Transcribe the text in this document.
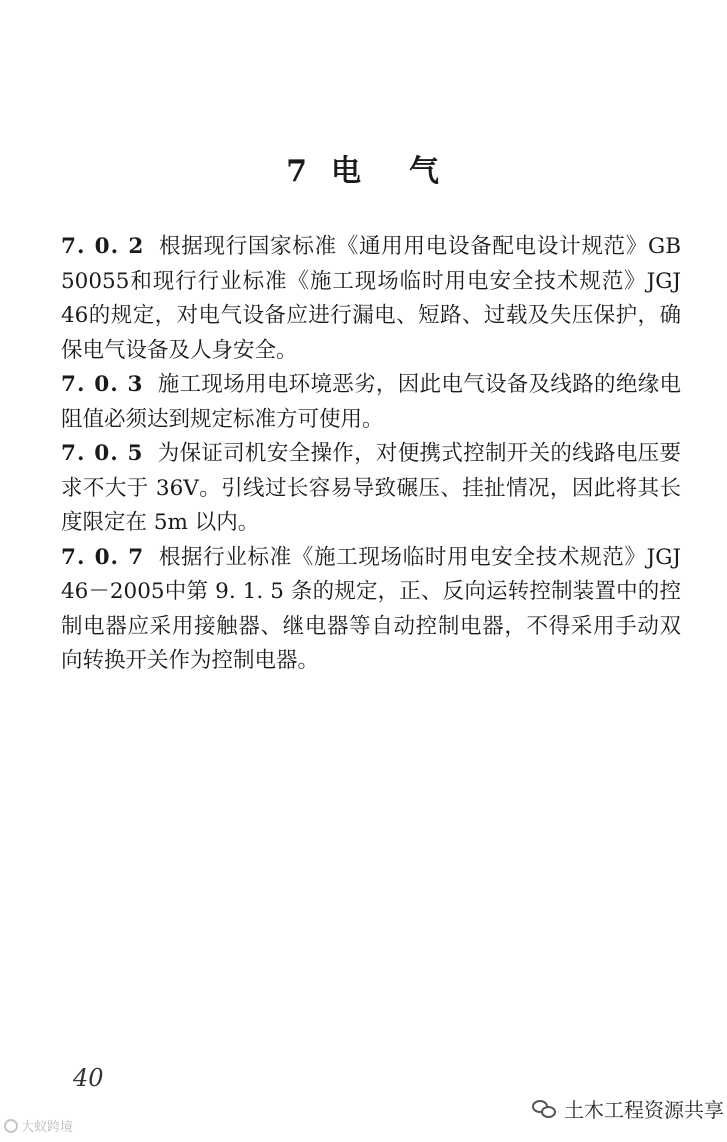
7 电 气

7. 0. 2 根据现行国家标准《通用用电设备配电设计规范》GB 50055和现行行业标准《施工现场临时用电安全技术规范》JGJ 46的规定，对电气设备应进行漏电、短路、过载及失压保护，确保电气设备及人身安全。

7. 0. 3 施工现场用电环境恶劣，因此电气设备及线路的绝缘电阻值必须达到规定标准方可使用。

7. 0. 5 为保证司机安全操作，对便携式控制开关的线路电压要求不大于 36V。引线过长容易导致碾压、挂扯情况，因此将其长度限定在 5m 以内。

7. 0. 7 根据行业标准《施工现场临时用电安全技术规范》JGJ 46－2005中第 9. 1. 5 条的规定，正、反向运转控制装置中的控制电器应采用接触器、继电器等自动控制电器，不得采用手动双向转换开关作为控制电器。

40
大蚁跨境
土木工程资源共享
